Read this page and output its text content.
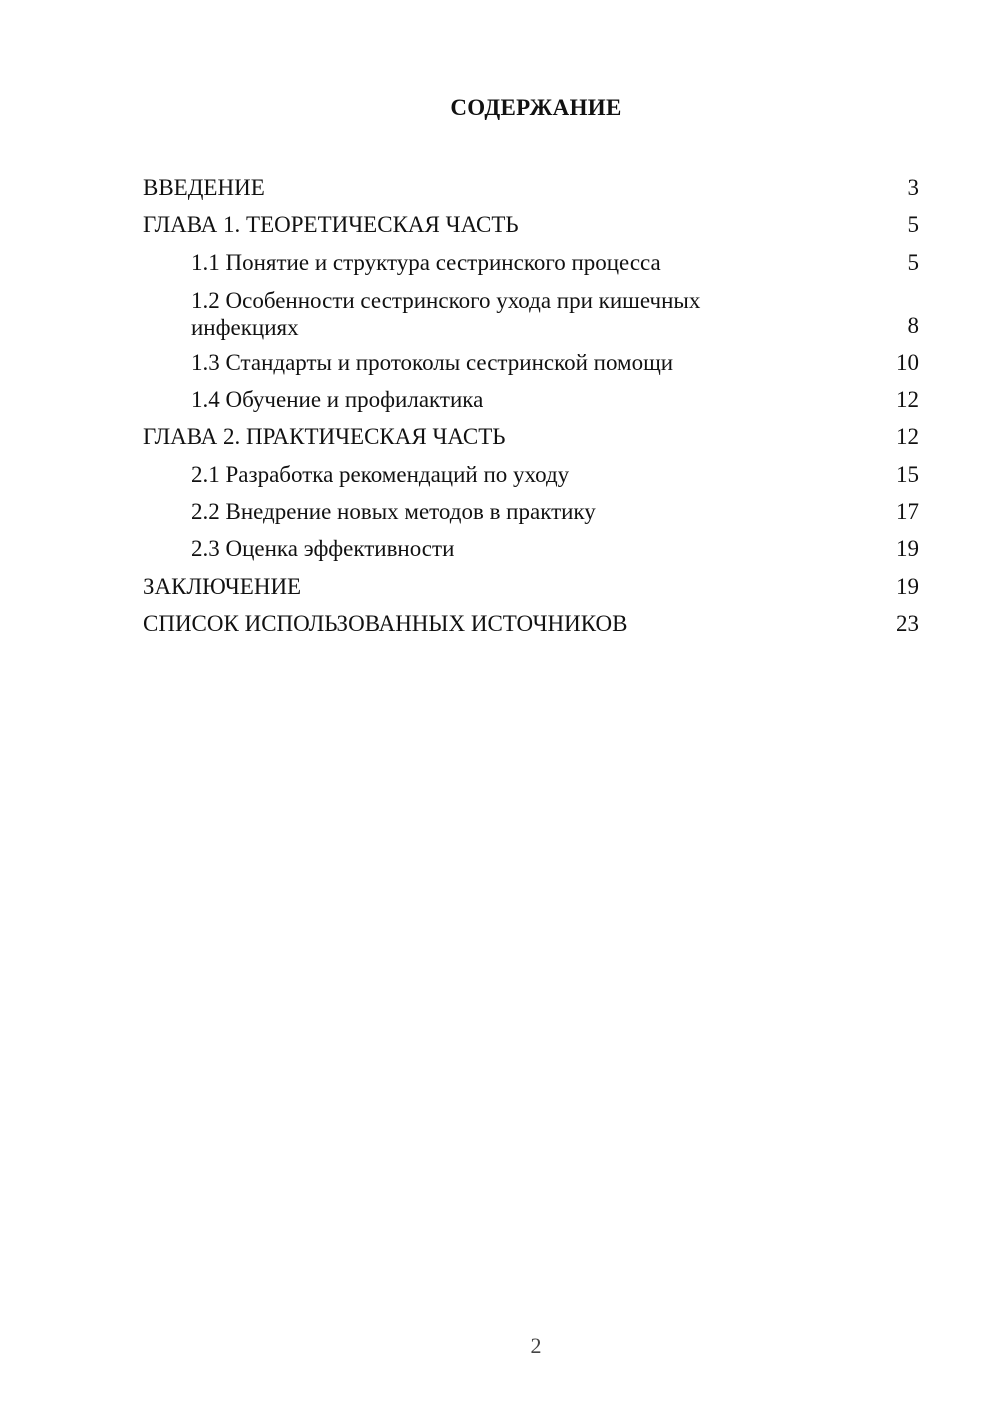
СОДЕРЖАНИЕ
ВВЕДЕНИЕ	3
ГЛАВА 1. ТЕОРЕТИЧЕСКАЯ ЧАСТЬ	5
1.1 Понятие и структура сестринского процесса	5
1.2 Особенности сестринского ухода при кишечных инфекциях	8
1.3 Стандарты и протоколы сестринской помощи	10
1.4 Обучение и профилактика	12
ГЛАВА 2. ПРАКТИЧЕСКАЯ ЧАСТЬ	12
2.1 Разработка рекомендаций по уходу	15
2.2 Внедрение новых методов в практику	17
2.3 Оценка эффективности	19
ЗАКЛЮЧЕНИЕ	19
СПИСОК ИСПОЛЬЗОВАННЫХ ИСТОЧНИКОВ	23
2
